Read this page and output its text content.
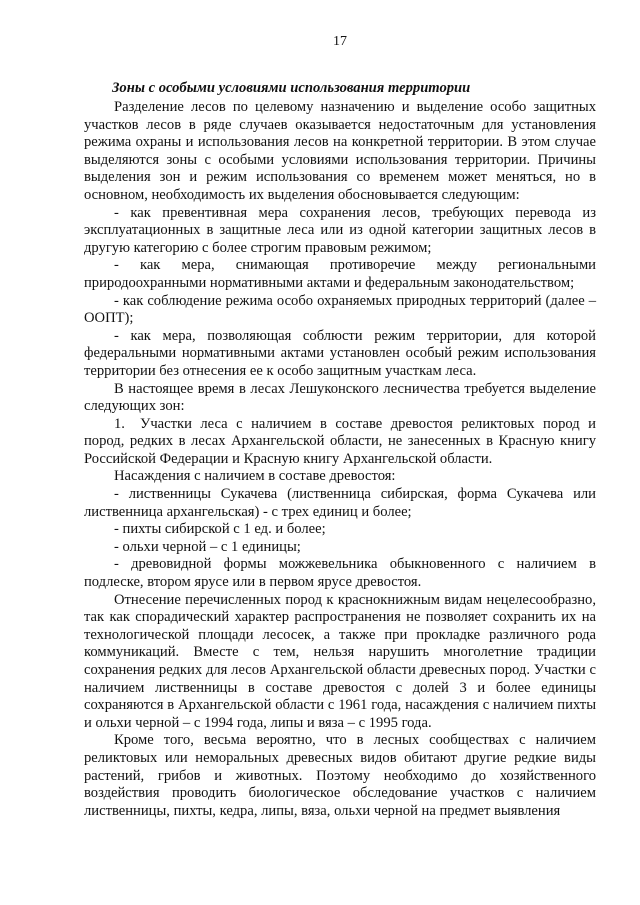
17
Зоны с особыми условиями использования территории

Разделение лесов по целевому назначению и выделение особо защитных участков лесов в ряде случаев оказывается недостаточным для установления режима охраны и использования лесов на конкретной территории. В этом случае выделяются зоны с особыми условиями использования территории. Причины выделения зон и режим использования со временем может меняться, но в основном, необходимость их выделения обосновывается следующим:

- как превентивная мера сохранения лесов, требующих перевода из эксплуатационных в защитные леса или из одной категории защитных лесов в другую категорию с более строгим правовым режимом;

- как мера, снимающая противоречие между региональными природоохранными нормативными актами и федеральным законодательством;

- как соблюдение режима особо охраняемых природных территорий (далее – ООПТ);

- как мера, позволяющая соблюсти режим территории, для которой федеральными нормативными актами установлен особый режим использования территории без отнесения ее к особо защитным участкам леса.

В настоящее время в лесах Лешуконского лесничества требуется выделение следующих зон:

1. Участки леса с наличием в составе древостоя реликтовых пород и пород, редких в лесах Архангельской области, не занесенных в Красную книгу Российской Федерации и Красную книгу Архангельской области.

Насаждения с наличием в составе древостоя:

- лиственницы Сукачева (лиственница сибирская, форма Сукачева или лиственница архангельская) - с трех единиц и более;

- пихты сибирской с 1 ед. и более;

- ольхи черной – с 1 единицы;

- древовидной формы можжевельника обыкновенного с наличием в подлеске, втором ярусе или в первом ярусе древостоя.

Отнесение перечисленных пород к краснокнижным видам нецелесообразно, так как спорадический характер распространения не позволяет сохранить их на технологической площади лесосек, а также при прокладке различного рода коммуникаций. Вместе с тем, нельзя нарушить многолетние традиции сохранения редких для лесов Архангельской области древесных пород. Участки с наличием лиственницы в составе древостоя с долей 3 и более единицы сохраняются в Архангельской области с 1961 года, насаждения с наличием пихты и ольхи черной – с 1994 года, липы и вяза – с 1995 года.

Кроме того, весьма вероятно, что в лесных сообществах с наличием реликтовых или неморальных древесных видов обитают другие редкие виды растений, грибов и животных. Поэтому необходимо до хозяйственного воздействия проводить биологическое обследование участков с наличием лиственницы, пихты, кедра, липы, вяза, ольхи черной на предмет выявления
